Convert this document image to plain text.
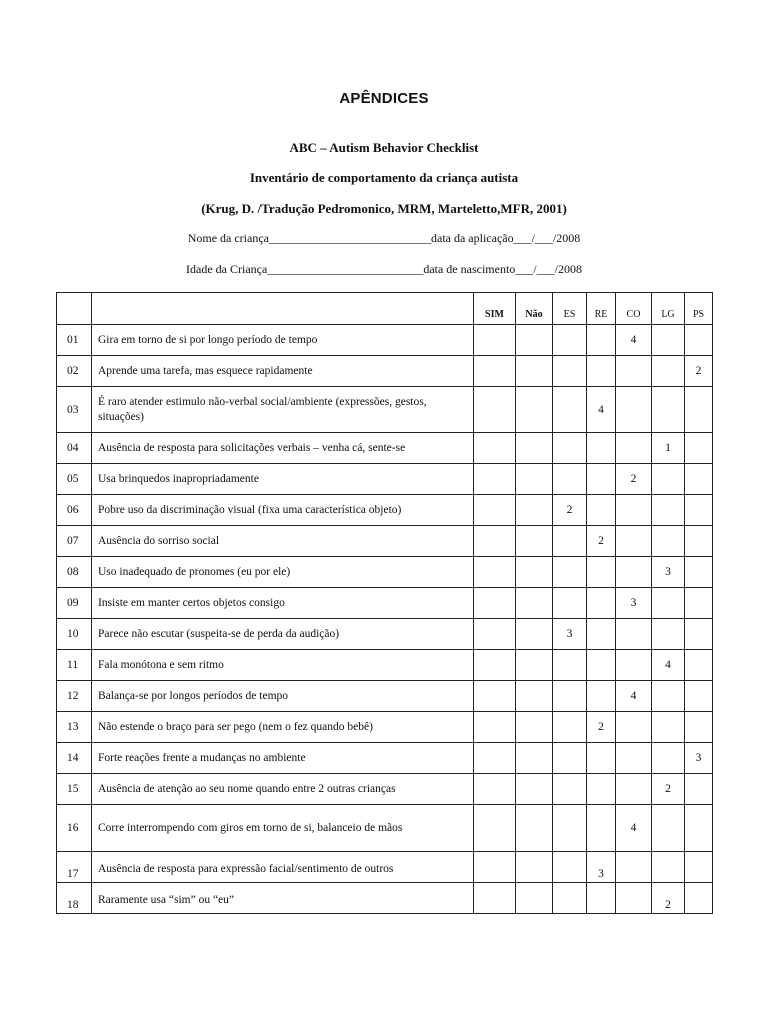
APÊNDICES
ABC – Autism Behavior Checklist
Inventário de comportamento da criança autista
(Krug, D. /Tradução Pedromonico, MRM, Marteletto,MFR, 2001)
Nome da criança___________________________data da aplicação___/___/2008
Idade da Criança__________________________data de nascimento___/___/2008
		SIM	Não	ES	RE	CO	LG	PS
01	Gira em torno de si por longo período de tempo					4		
02	Aprende uma tarefa, mas esquece rapidamente							2
03	É raro atender estimulo não-verbal social/ambiente (expressões, gestos, situações)				4			
04	Ausência de resposta para solicitações verbais – venha cá, sente-se						1	
05	Usa brinquedos inapropriadamente					2		
06	Pobre uso da discriminação visual (fixa uma característica objeto)			2				
07	Ausência do sorriso social				2			
08	Uso inadequado de pronomes (eu por ele)						3	
09	Insiste em manter certos objetos consigo					3		
10	Parece não escutar (suspeita-se de perda da audição)			3				
11	Fala monótona e sem ritmo						4	
12	Balança-se por longos períodos de tempo					4		
13	Não estende o braço para ser pego (nem o fez quando bebê)				2			
14	Forte reações frente a mudanças no ambiente							3
15	Ausência de atenção ao seu nome quando entre 2 outras crianças						2	
16	Corre interrompendo com giros em torno de si, balanceio de mãos					4		
17	Ausência de resposta para expressão facial/sentimento de outros				3			
18	Raramente usa “sim” ou “eu”						2	
